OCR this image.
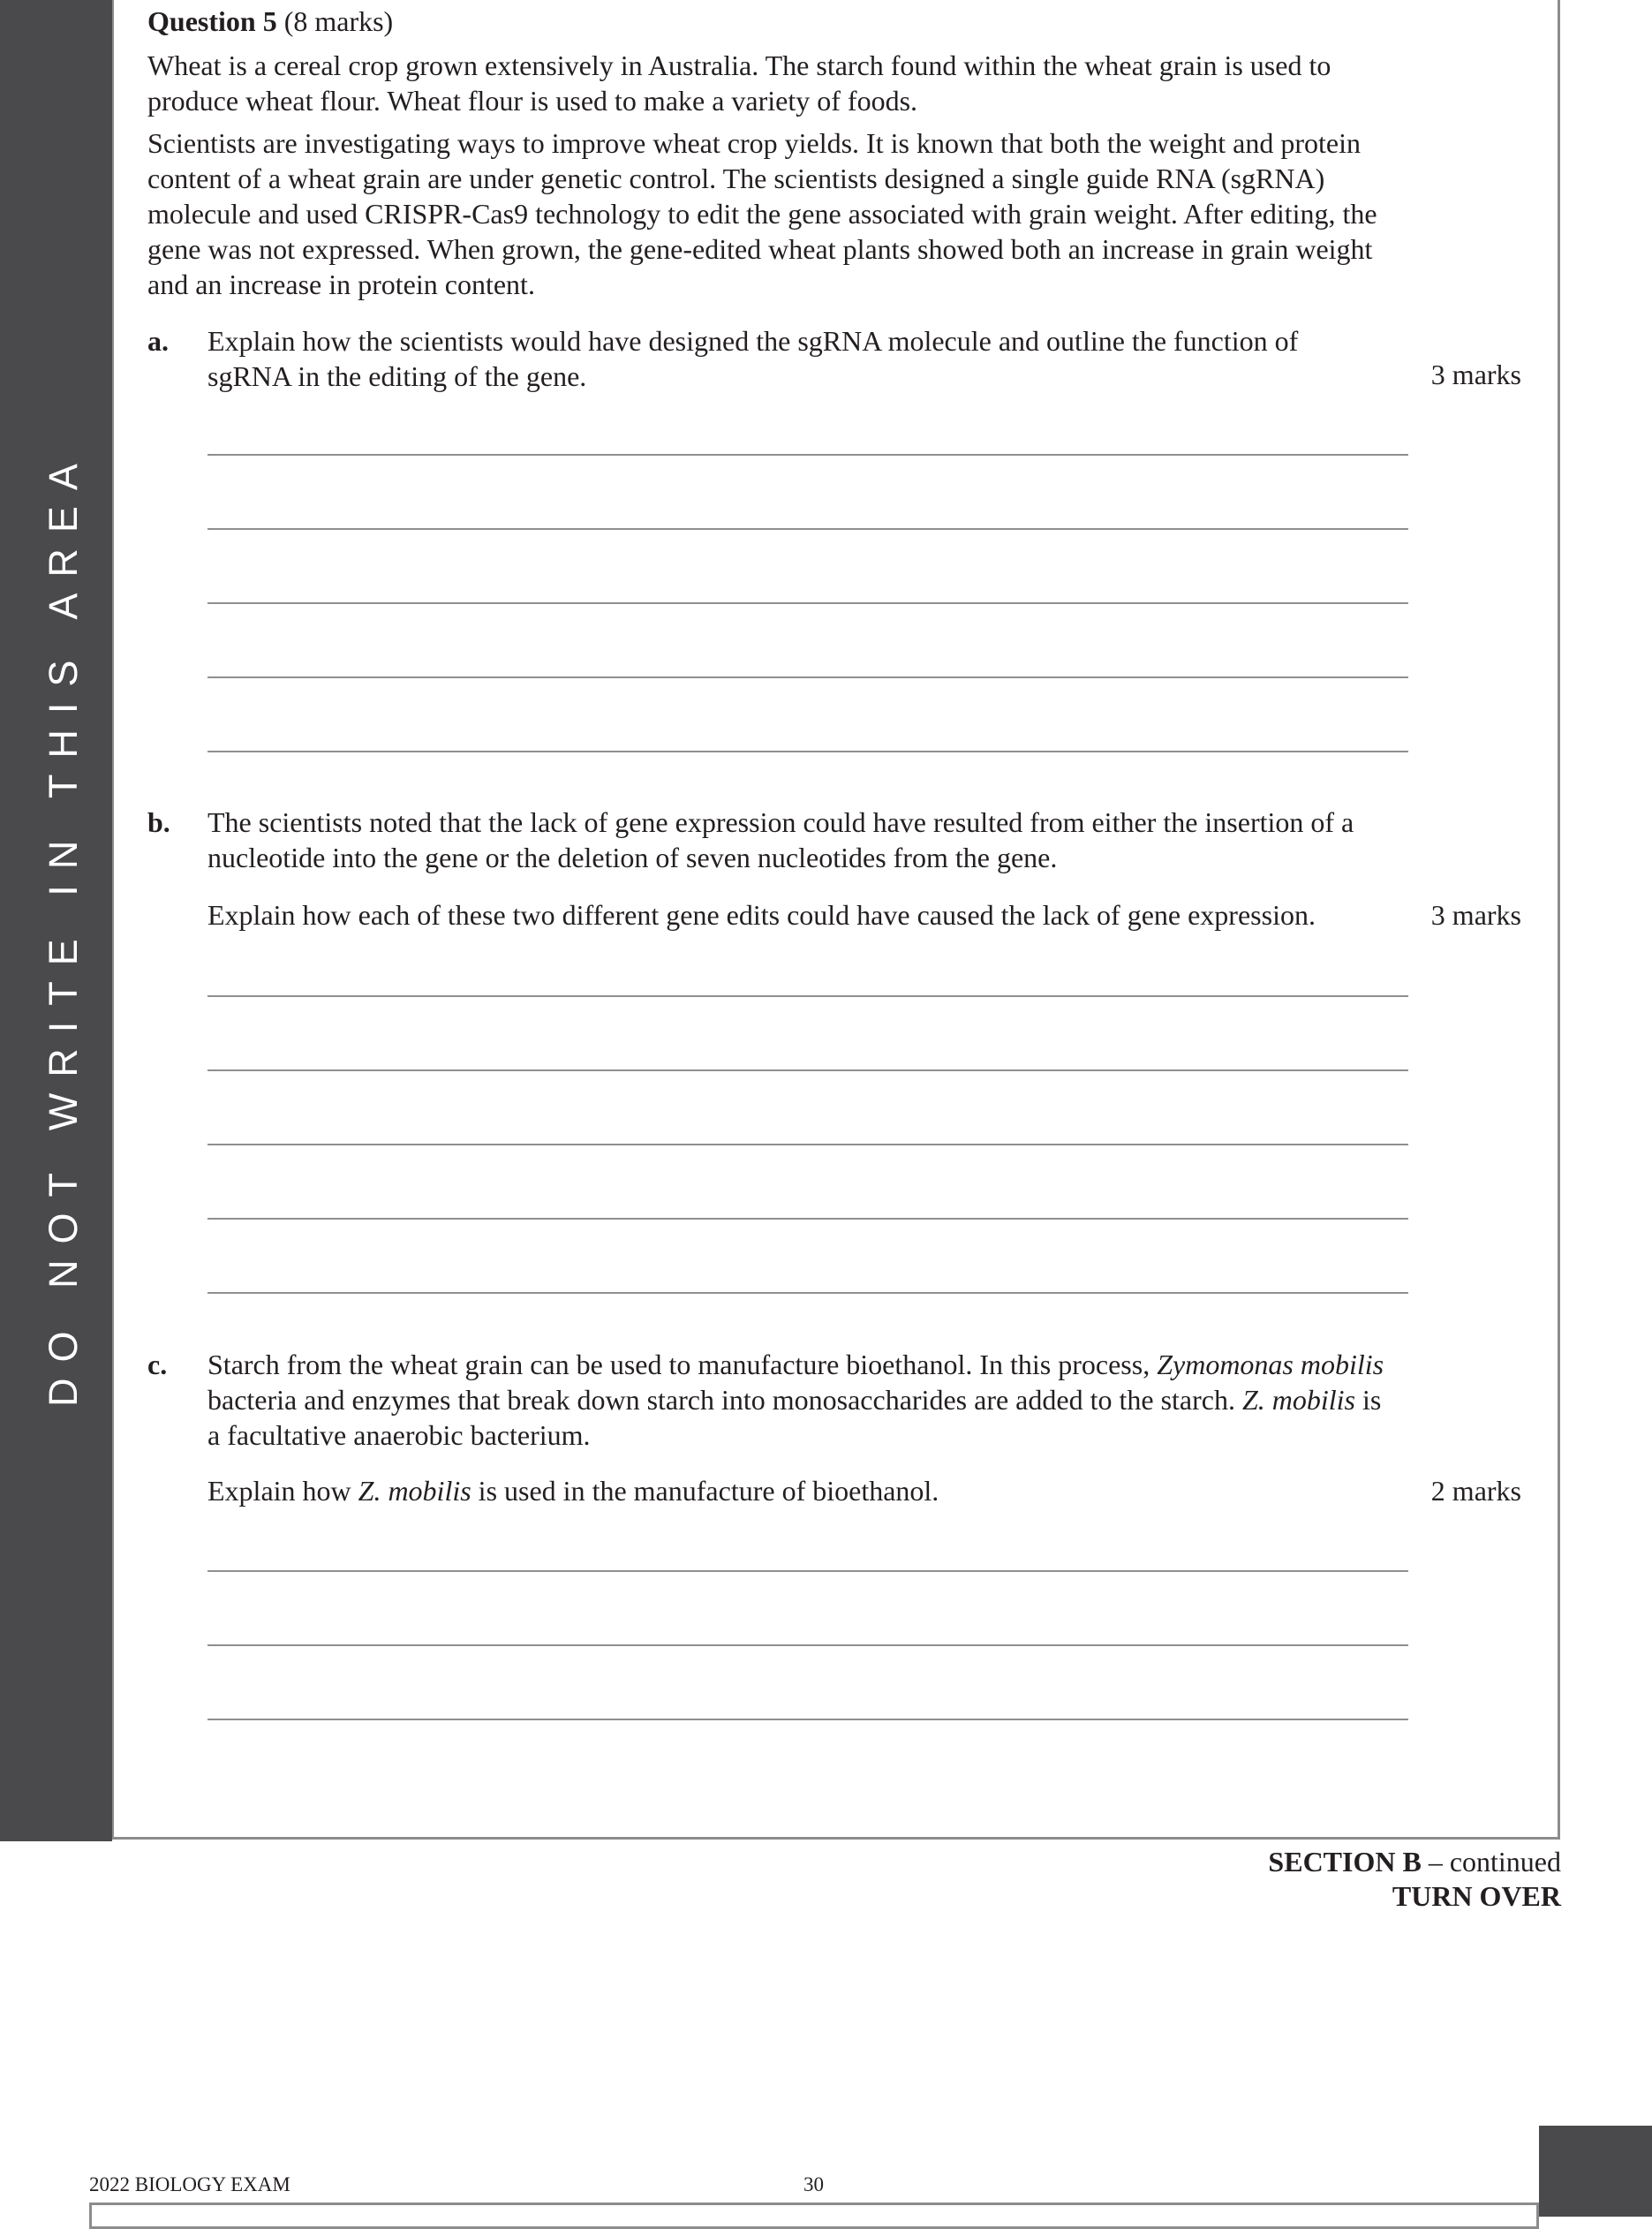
DO NOT WRITE IN THIS AREA
Question 5 (8 marks)

Wheat is a cereal crop grown extensively in Australia. The starch found within the wheat grain is used to produce wheat flour. Wheat flour is used to make a variety of foods.

Scientists are investigating ways to improve wheat crop yields. It is known that both the weight and protein content of a wheat grain are under genetic control. The scientists designed a single guide RNA (sgRNA) molecule and used CRISPR-Cas9 technology to edit the gene associated with grain weight. After editing, the gene was not expressed. When grown, the gene-edited wheat plants showed both an increase in grain weight and an increase in protein content.

a. Explain how the scientists would have designed the sgRNA molecule and outline the function of sgRNA in the editing of the gene.	3 marks
b. The scientists noted that the lack of gene expression could have resulted from either the insertion of a nucleotide into the gene or the deletion of seven nucleotides from the gene.

Explain how each of these two different gene edits could have caused the lack of gene expression.	3 marks
c. Starch from the wheat grain can be used to manufacture bioethanol. In this process, Zymomonas mobilis bacteria and enzymes that break down starch into monosaccharides are added to the starch. Z. mobilis is a facultative anaerobic bacterium.

Explain how Z. mobilis is used in the manufacture of bioethanol.	2 marks
SECTION B – continued
TURN OVER
2022 BIOLOGY EXAM	30
